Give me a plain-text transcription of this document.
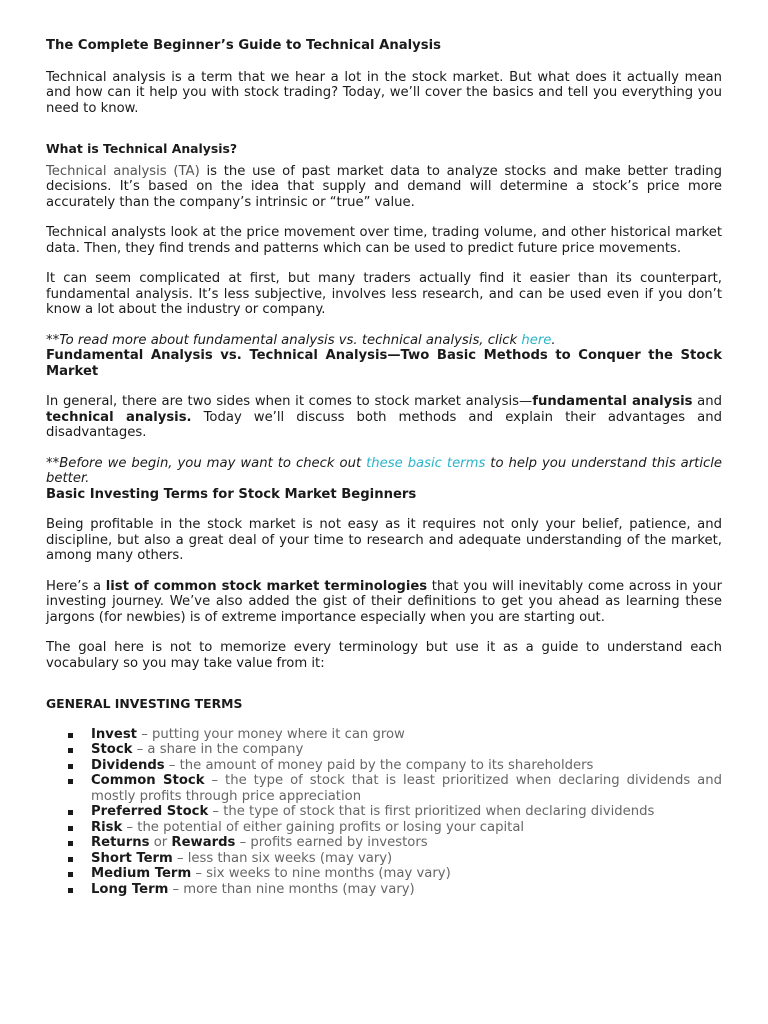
The Complete Beginner’s Guide to Technical Analysis

Technical analysis is a term that we hear a lot in the stock market. But what does it actually mean and how can it help you with stock trading? Today, we’ll cover the basics and tell you everything you need to know.

What is Technical Analysis?

Technical analysis (TA) is the use of past market data to analyze stocks and make better trading decisions. It’s based on the idea that supply and demand will determine a stock’s price more accurately than the company’s intrinsic or “true” value.

Technical analysts look at the price movement over time, trading volume, and other historical market data. Then, they find trends and patterns which can be used to predict future price movements.

It can seem complicated at first, but many traders actually find it easier than its counterpart, fundamental analysis. It’s less subjective, involves less research, and can be used even if you don’t know a lot about the industry or company.

**To read more about fundamental analysis vs. technical analysis, click here.

Fundamental Analysis vs. Technical Analysis—Two Basic Methods to Conquer the Stock Market

In general, there are two sides when it comes to stock market analysis—fundamental analysis and technical analysis. Today we’ll discuss both methods and explain their advantages and disadvantages.

**Before we begin, you may want to check out these basic terms to help you understand this article better.

Basic Investing Terms for Stock Market Beginners

Being profitable in the stock market is not easy as it requires not only your belief, patience, and discipline, but also a great deal of your time to research and adequate understanding of the market, among many others.

Here’s a list of common stock market terminologies that you will inevitably come across in your investing journey. We’ve also added the gist of their definitions to get you ahead as learning these jargons (for newbies) is of extreme importance especially when you are starting out.

The goal here is not to memorize every terminology but use it as a guide to understand each vocabulary so you may take value from it:

GENERAL INVESTING TERMS

Invest – putting your money where it can grow
Stock – a share in the company
Dividends – the amount of money paid by the company to its shareholders
Common Stock – the type of stock that is least prioritized when declaring dividends and mostly profits through price appreciation
Preferred Stock – the type of stock that is first prioritized when declaring dividends
Risk – the potential of either gaining profits or losing your capital
Returns or Rewards – profits earned by investors
Short Term – less than six weeks (may vary)
Medium Term – six weeks to nine months (may vary)
Long Term – more than nine months (may vary)
